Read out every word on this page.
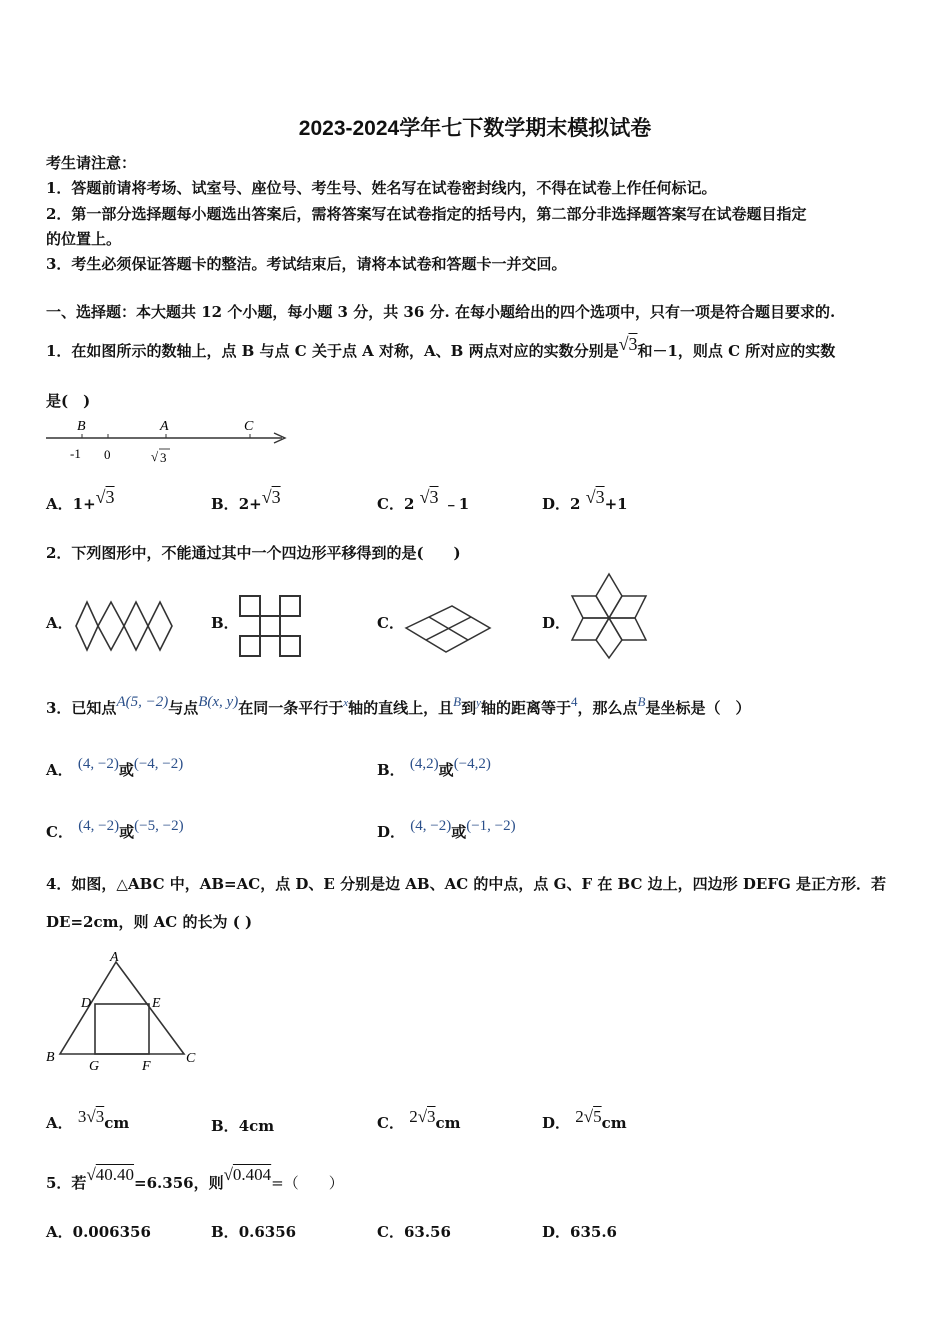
2023-2024学年七下数学期末模拟试卷
考生请注意：
1．答题前请将考场、试室号、座位号、考生号、姓名写在试卷密封线内，不得在试卷上作任何标记。
2．第一部分选择题每小题选出答案后，需将答案写在试卷指定的括号内，第二部分非选择题答案写在试卷题目指定
的位置上。
3．考生必须保证答题卡的整洁。考试结束后，请将本试卷和答题卡一并交回。
一、选择题：本大题共 12 个小题，每小题 3 分，共 36 分. 在每小题给出的四个选项中，只有一项是符合题目要求的.
1．在如图所示的数轴上，点 B 与点 C 关于点 A 对称，A、B 两点对应的实数分别是√3和－1，则点 C 所对应的实数
是(　)
B	A	C
-1 0	√ 3
A．1+√3	B．2+√3	C．2 √3 ﹣1	D．2 √3+1
2．下列图形中，不能通过其中一个四边形平移得到的是(　　)
A．	B．	C．	D．
3．已知点A(5, −2)与点B(x, y)在同一条平行于$^x$轴的直线上，且B到$^y$轴的距离等于4，那么点B是坐标是（　）
A． (4, −2)或(−4, −2)	B． (4,2)或(−4,2)
C． (4, −2)或(−5, −2)	D． (4, −2)或(−1, −2)
4．如图，△ABC 中，AB=AC，点 D、E 分别是边 AB、AC 的中点，点 G、F 在 BC 边上，四边形 DEFG 是正方形．若
DE=2cm，则 AC 的长为 ( )
A
D	E
B
G	F
C
A． 3√3cm	B．4cm	C． 2√3cm	D． 2√5cm
5．若√40.40=6.356，则√0.404=（　　）
A．0.006356	B．0.6356	C．63.56	D．635.6
